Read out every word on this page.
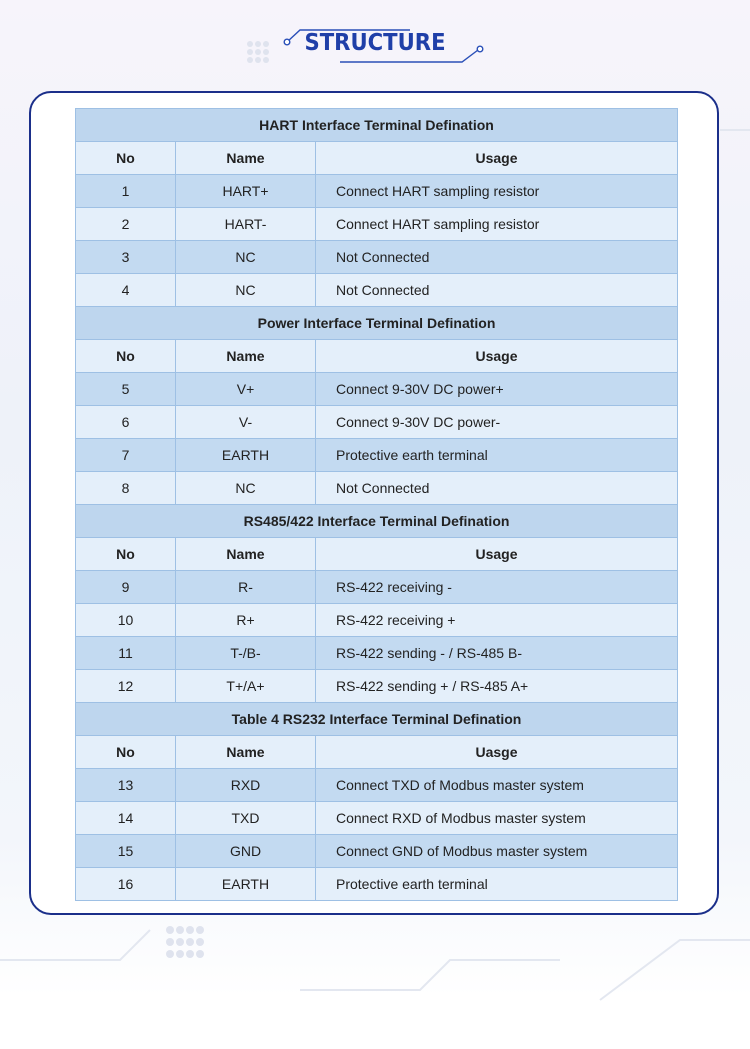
STRUCTURE
HART Interface Terminal Defination		
No	Name	Usage
1	HART+	Connect HART sampling resistor
2	HART-	Connect HART sampling resistor
3	NC	Not Connected
4	NC	Not Connected
Power Interface Terminal Defination		
No	Name	Usage
5	V+	Connect 9-30V DC power+
6	V-	Connect 9-30V DC power-
7	EARTH	Protective earth terminal
8	NC	Not Connected
RS485/422 Interface Terminal Defination		
No	Name	Usage
9	R-	RS-422 receiving -
10	R+	RS-422 receiving +
11	T-/B-	RS-422 sending - / RS-485 B-
12	T+/A+	RS-422 sending + / RS-485 A+
Table 4 RS232 Interface Terminal Defination		
No	Name	Uasge
13	RXD	Connect TXD of Modbus master system
14	TXD	Connect RXD of Modbus master system
15	GND	Connect GND of Modbus master system
16	EARTH	Protective earth terminal
